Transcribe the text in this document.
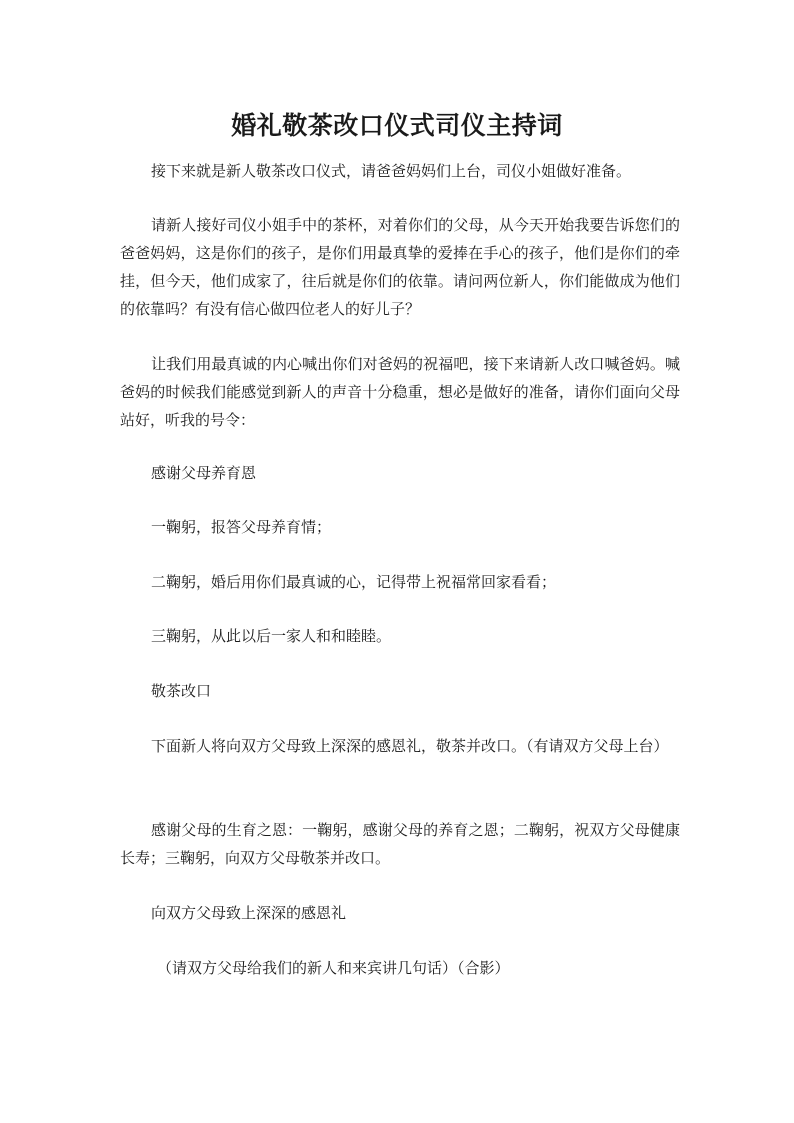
婚礼敬茶改口仪式司仪主持词

接下来就是新人敬茶改口仪式，请爸爸妈妈们上台，司仪小姐做好准备。

请新人接好司仪小姐手中的茶杯，对着你们的父母，从今天开始我要告诉您们的爸爸妈妈，这是你们的孩子，是你们用最真挚的爱捧在手心的孩子，他们是你们的牵挂，但今天，他们成家了，往后就是你们的依靠。请问两位新人，你们能做成为他们的依靠吗？有没有信心做四位老人的好儿子？

让我们用最真诚的内心喊出你们对爸妈的祝福吧，接下来请新人改口喊爸妈。喊爸妈的时候我们能感觉到新人的声音十分稳重，想必是做好的准备，请你们面向父母站好，听我的号令：

感谢父母养育恩

一鞠躬，报答父母养育情；

二鞠躬，婚后用你们最真诚的心，记得带上祝福常回家看看；

三鞠躬，从此以后一家人和和睦睦。

敬茶改口

下面新人将向双方父母致上深深的感恩礼，敬茶并改口。（有请双方父母上台）

感谢父母的生育之恩：一鞠躬，感谢父母的养育之恩；二鞠躬，祝双方父母健康长寿；三鞠躬，向双方父母敬茶并改口。

向双方父母致上深深的感恩礼

（请双方父母给我们的新人和来宾讲几句话）（合影）
